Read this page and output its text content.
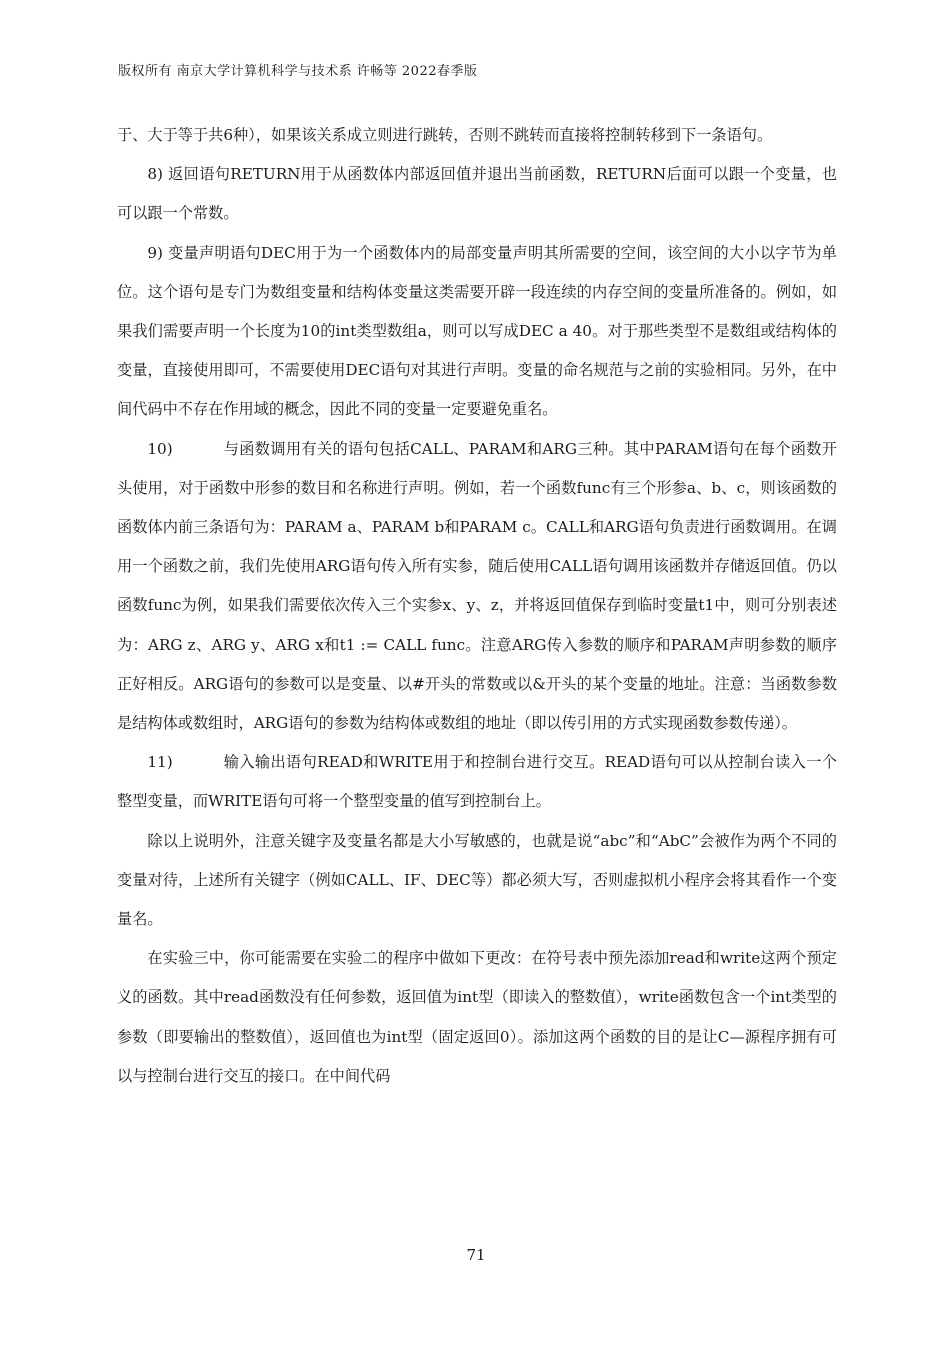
版权所有 南京大学计算机科学与技术系 许畅等 2022春季版

于、大于等于共6种），如果该关系成立则进行跳转，否则不跳转而直接将控制转移到下一条语句。

8) 返回语句RETURN用于从函数体内部返回值并退出当前函数，RETURN后面可以跟一个变量，也可以跟一个常数。

9) 变量声明语句DEC用于为一个函数体内的局部变量声明其所需要的空间，该空间的大小以字节为单位。这个语句是专门为数组变量和结构体变量这类需要开辟一段连续的内存空间的变量所准备的。例如，如果我们需要声明一个长度为10的int类型数组a，则可以写成DEC a 40。对于那些类型不是数组或结构体的变量，直接使用即可，不需要使用DEC语句对其进行声明。变量的命名规范与之前的实验相同。另外，在中间代码中不存在作用域的概念，因此不同的变量一定要避免重名。

10)	与函数调用有关的语句包括CALL、PARAM和ARG三种。其中PARAM语句在每个函数开头使用，对于函数中形参的数目和名称进行声明。例如，若一个函数func有三个形参a、b、c，则该函数的函数体内前三条语句为：PARAM a、PARAM b和PARAM c。CALL和ARG语句负责进行函数调用。在调用一个函数之前，我们先使用ARG语句传入所有实参，随后使用CALL语句调用该函数并存储返回值。仍以函数func为例，如果我们需要依次传入三个实参x、y、z，并将返回值保存到临时变量t1中，则可分别表述为：ARG z、ARG y、ARG x和t1 := CALL func。注意ARG传入参数的顺序和PARAM声明参数的顺序正好相反。ARG语句的参数可以是变量、以#开头的常数或以&开头的某个变量的地址。注意：当函数参数是结构体或数组时，ARG语句的参数为结构体或数组的地址（即以传引用的方式实现函数参数传递）。

11)	输入输出语句READ和WRITE用于和控制台进行交互。READ语句可以从控制台读入一个整型变量，而WRITE语句可将一个整型变量的值写到控制台上。

除以上说明外，注意关键字及变量名都是大小写敏感的，也就是说“abc”和“AbC”会被作为两个不同的变量对待，上述所有关键字（例如CALL、IF、DEC等）都必须大写，否则虚拟机小程序会将其看作一个变量名。

在实验三中，你可能需要在实验二的程序中做如下更改：在符号表中预先添加read和write这两个预定义的函数。其中read函数没有任何参数，返回值为int型（即读入的整数值），write函数包含一个int类型的参数（即要输出的整数值），返回值也为int型（固定返回0）。添加这两个函数的目的是让C—源程序拥有可以与控制台进行交互的接口。在中间代码

71
